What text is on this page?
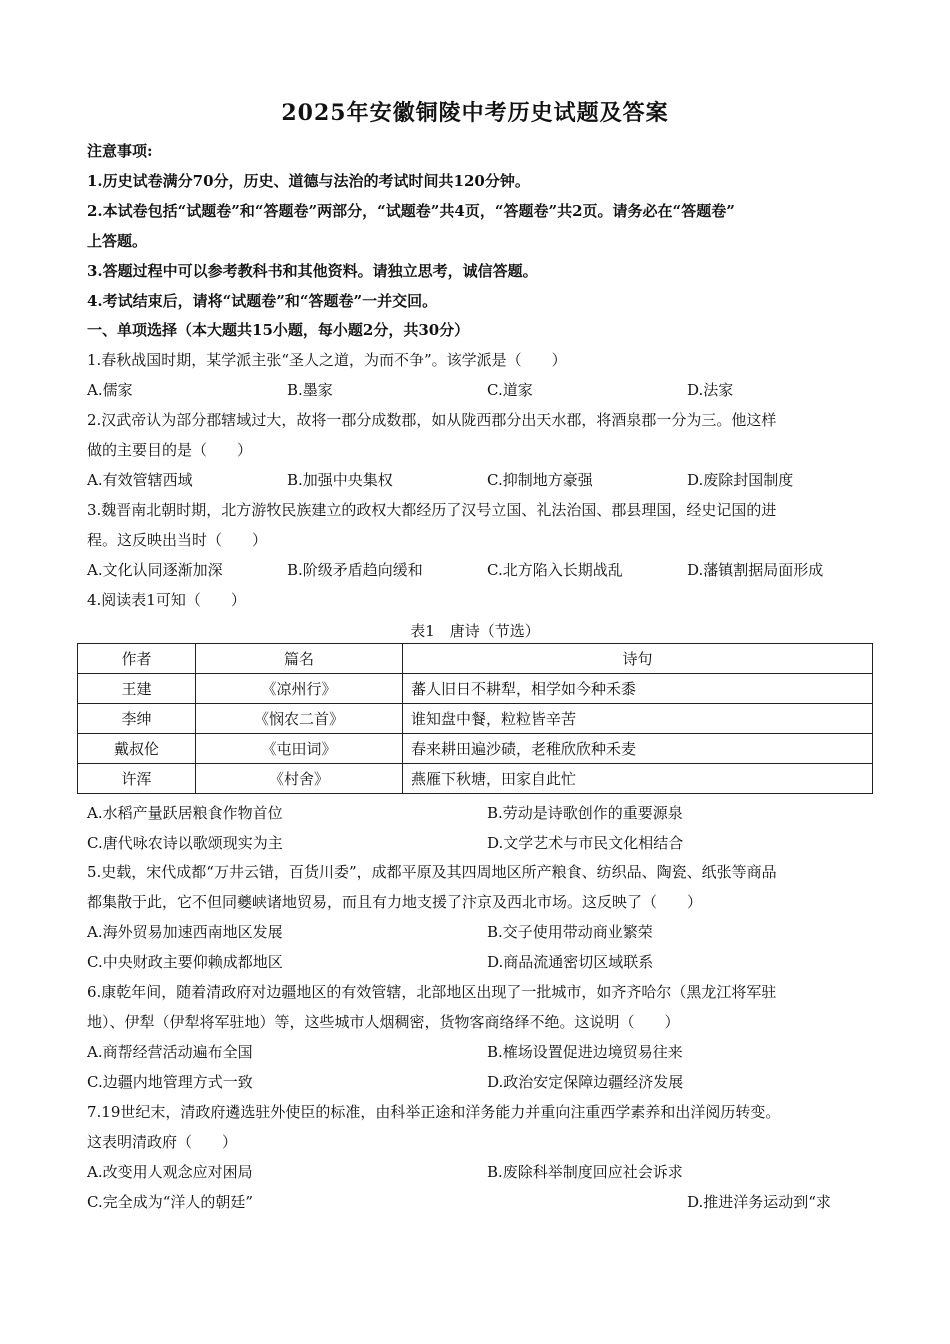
2025年安徽铜陵中考历史试题及答案
注意事项:
1.历史试卷满分70分，历史、道德与法治的考试时间共120分钟。
2.本试卷包括“试题卷”和“答题卷”两部分，“试题卷”共4页，“答题卷”共2页。请务必在“答题卷”
上答题。
3.答题过程中可以参考教科书和其他资料。请独立思考，诚信答题。
4.考试结束后，请将“试题卷”和“答题卷”一并交回。
一、单项选择（本大题共15小题，每小题2分，共30分）
1.春秋战国时期，某学派主张“圣人之道，为而不争”。该学派是（　　）
A.儒家	B.墨家	C.道家	D.法家
2.汉武帝认为部分郡辖域过大，故将一郡分成数郡，如从陇西郡分出天水郡，将酒泉郡一分为三。他这样
做的主要目的是（　　）
A.有效管辖西域	B.加强中央集权	C.抑制地方豪强	D.废除封国制度
3.魏晋南北朝时期，北方游牧民族建立的政权大都经历了汉号立国、礼法治国、郡县理国，经史记国的进
程。这反映出当时（　　）
A.文化认同逐渐加深	B.阶级矛盾趋向缓和	C.北方陷入长期战乱	D.藩镇割据局面形成
4.阅读表1可知（　　）
表1　唐诗（节选）
作者	篇名	诗句
王建	《凉州行》	蕃人旧日不耕犁，相学如今种禾黍
李绅	《悯农二首》	谁知盘中餐，粒粒皆辛苦
戴叔伦	《屯田词》	春来耕田遍沙碛，老稚欣欣种禾麦
许浑	《村舍》	燕雁下秋塘，田家自此忙
A.水稻产量跃居粮食作物首位	B.劳动是诗歌创作的重要源泉
C.唐代咏农诗以歌颂现实为主	D.文学艺术与市民文化相结合
5.史载，宋代成都“万井云错，百货川委”，成都平原及其四周地区所产粮食、纺织品、陶瓷、纸张等商品
都集散于此，它不但同夔峡诸地贸易，而且有力地支援了汴京及西北市场。这反映了（　　）
A.海外贸易加速西南地区发展	B.交子使用带动商业繁荣
C.中央财政主要仰赖成都地区	D.商品流通密切区域联系
6.康乾年间，随着清政府对边疆地区的有效管辖，北部地区出现了一批城市，如齐齐哈尔（黑龙江将军驻
地）、伊犁（伊犁将军驻地）等，这些城市人烟稠密，货物客商络绎不绝。这说明（　　）
A.商帮经营活动遍布全国	B.榷场设置促进边境贸易往来
C.边疆内地管理方式一致	D.政治安定保障边疆经济发展
7.19世纪末，清政府遴选驻外使臣的标准，由科举正途和洋务能力并重向注重西学素养和出洋阅历转变。
这表明清政府（　　）
A.改变用人观念应对困局	B.废除科举制度回应社会诉求
C.完全成为“洋人的朝廷”	D.推进洋务运动到“求
